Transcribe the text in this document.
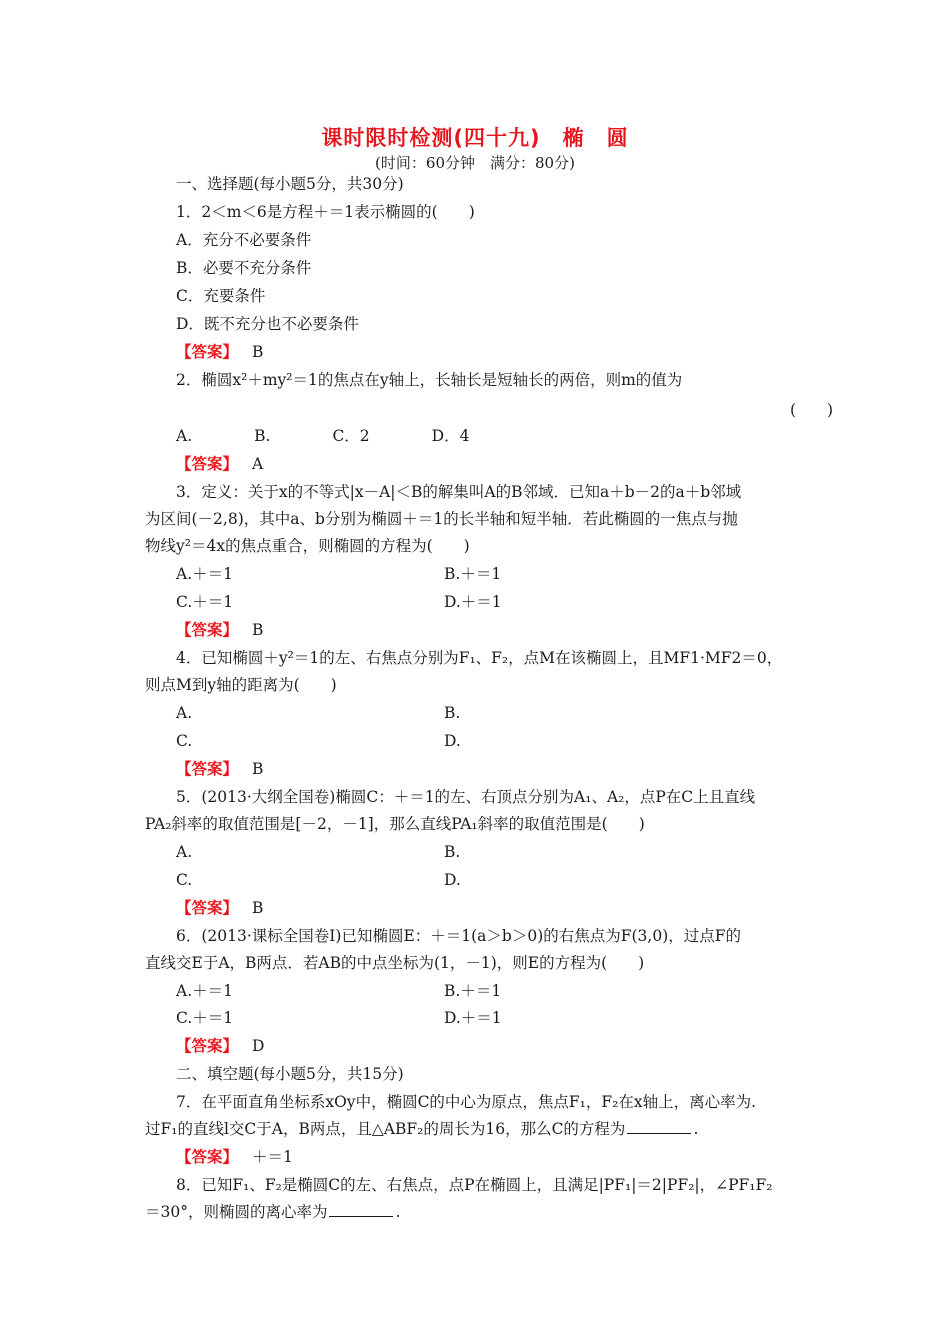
课时限时检测(四十九)　椭　圆
(时间：60分钟　满分：80分)
一、选择题(每小题5分，共30分)
1．2＜m＜6是方程＋＝1表示椭圆的(　　)
A．充分不必要条件
B．必要不充分条件
C．充要条件
D．既不充分也不必要条件
【答案】 B
2．椭圆x²＋my²＝1的焦点在y轴上，长轴长是短轴长的两倍，则m的值为
(　　)
A.　　　　B.　　　　C．2　　　　D．4
【答案】 A
3．定义：关于x的不等式|x－A|＜B的解集叫A的B邻域．已知a＋b－2的a＋b邻域
为区间(－2,8)，其中a、b分别为椭圆＋＝1的长半轴和短半轴．若此椭圆的一焦点与抛
物线y²＝4x的焦点重合，则椭圆的方程为(　　)
A.＋＝1	B.＋＝1
C.＋＝1	D.＋＝1
【答案】 B
4．已知椭圆＋y²＝1的左、右焦点分别为F₁、F₂，点M在该椭圆上，且MF1·MF2＝0，
则点M到y轴的距离为(　　)
A.	B.
C.	D.
【答案】 B
5．(2013·大纲全国卷)椭圆C：＋＝1的左、右顶点分别为A₁、A₂，点P在C上且直线
PA₂斜率的取值范围是[－2，－1]，那么直线PA₁斜率的取值范围是(　　)
A.	B.
C.	D.
【答案】 B
6．(2013·课标全国卷Ⅰ)已知椭圆E：＋＝1(a＞b＞0)的右焦点为F(3,0)，过点F的
直线交E于A，B两点．若AB的中点坐标为(1，－1)，则E的方程为(　　)
A.＋＝1	B.＋＝1
C.＋＝1	D.＋＝1
【答案】 D
二、填空题(每小题5分，共15分)
7．在平面直角坐标系xOy中，椭圆C的中心为原点，焦点F₁，F₂在x轴上，离心率为.
过F₁的直线l交C于A，B两点，且△ABF₂的周长为16，那么C的方程为	.
【答案】 ＋＝1
8．已知F₁、F₂是椭圆C的左、右焦点，点P在椭圆上，且满足|PF₁|＝2|PF₂|，∠PF₁F₂
＝30°，则椭圆的离心率为	.
